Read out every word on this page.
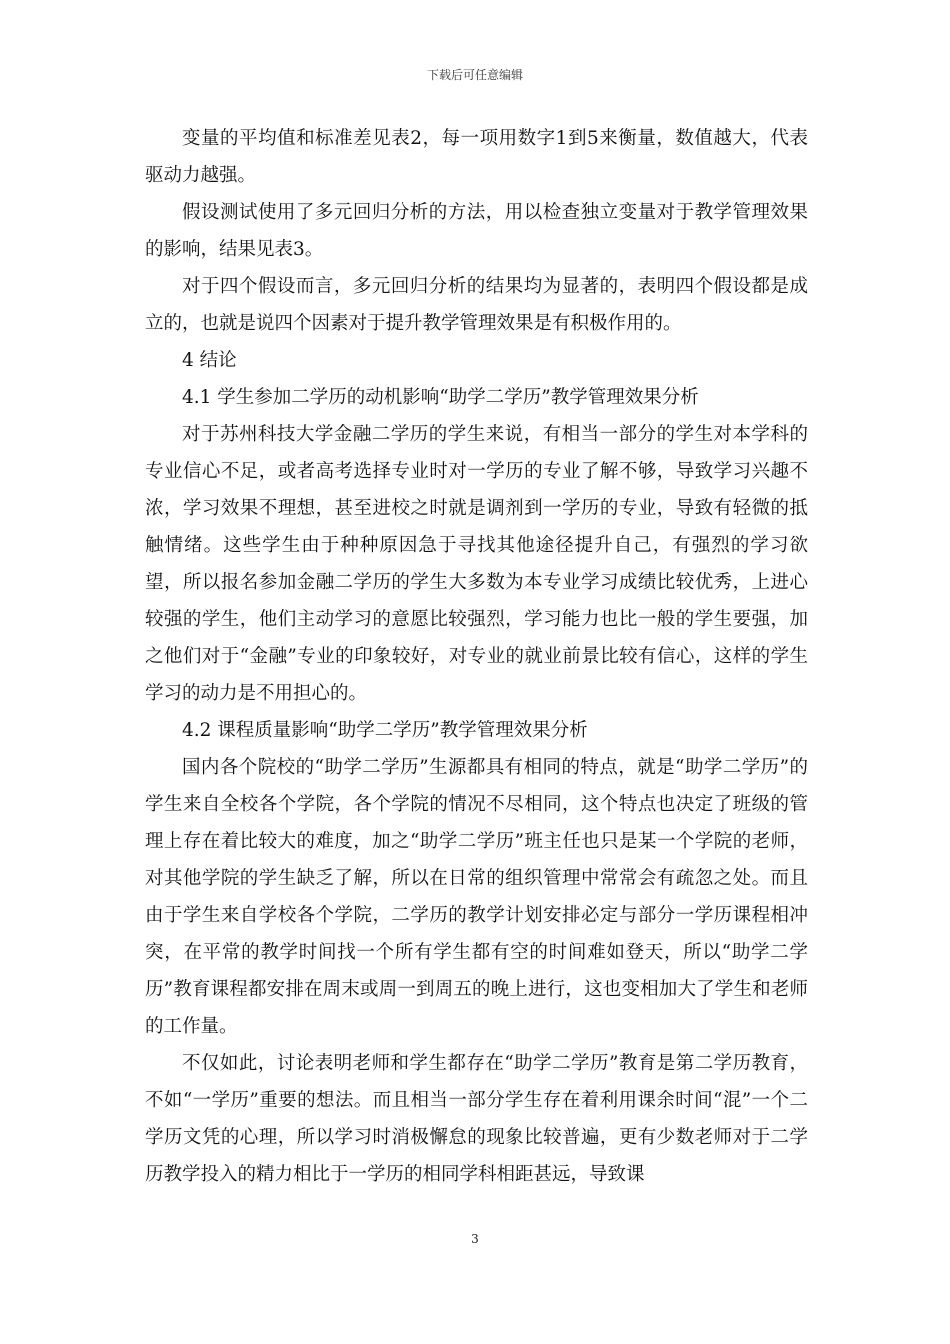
下载后可任意编辑

变量的平均值和标准差见表2，每一项用数字1到5来衡量，数值越大，代表驱动力越强。

假设测试使用了多元回归分析的方法，用以检查独立变量对于教学管理效果的影响，结果见表3。

对于四个假设而言，多元回归分析的结果均为显著的，表明四个假设都是成立的，也就是说四个因素对于提升教学管理效果是有积极作用的。

4 结论

4.1 学生参加二学历的动机影响“助学二学历”教学管理效果分析

对于苏州科技大学金融二学历的学生来说，有相当一部分的学生对本学科的专业信心不足，或者高考选择专业时对一学历的专业了解不够，导致学习兴趣不浓，学习效果不理想，甚至进校之时就是调剂到一学历的专业，导致有轻微的抵触情绪。这些学生由于种种原因急于寻找其他途径提升自己，有强烈的学习欲望，所以报名参加金融二学历的学生大多数为本专业学习成绩比较优秀，上进心较强的学生，他们主动学习的意愿比较强烈，学习能力也比一般的学生要强，加之他们对于“金融”专业的印象较好，对专业的就业前景比较有信心，这样的学生学习的动力是不用担心的。

4.2 课程质量影响“助学二学历”教学管理效果分析

国内各个院校的“助学二学历”生源都具有相同的特点，就是“助学二学历”的学生来自全校各个学院，各个学院的情况不尽相同，这个特点也决定了班级的管理上存在着比较大的难度，加之“助学二学历”班主任也只是某一个学院的老师，对其他学院的学生缺乏了解，所以在日常的组织管理中常常会有疏忽之处。而且由于学生来自学校各个学院，二学历的教学计划安排必定与部分一学历课程相冲突，在平常的教学时间找一个所有学生都有空的时间难如登天，所以“助学二学历”教育课程都安排在周末或周一到周五的晚上进行，这也变相加大了学生和老师的工作量。

不仅如此，讨论表明老师和学生都存在“助学二学历”教育是第二学历教育，不如“一学历”重要的想法。而且相当一部分学生存在着利用课余时间“混”一个二学历文凭的心理，所以学习时消极懈怠的现象比较普遍，更有少数老师对于二学历教学投入的精力相比于一学历的相同学科相距甚远，导致课

3
